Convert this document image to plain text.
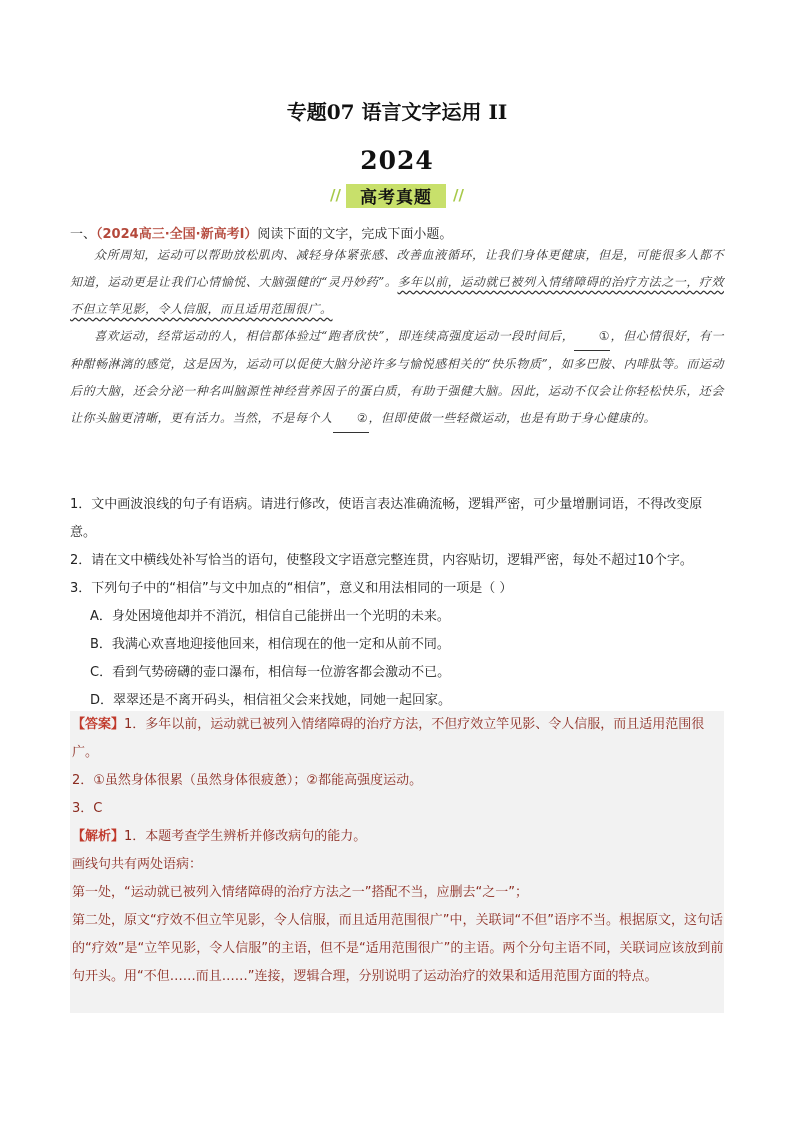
专题07 语言文字运用 II
2024
//	高考真题	//
一、（2024高三·全国·新高考I）阅读下面的文字，完成下面小题。

众所周知，运动可以帮助放松肌肉、减轻身体紧张感、改善血液循环，让我们身体更健康，但是，可能很多人都不知道，运动更是让我们心情愉悦、大脑强健的“灵丹妙药”。多年以前，运动就已被列入情绪障碍的治疗方法之一，疗效不但立竿见影，令人信服，而且适用范围很广。

喜欢运动，经常运动的人，相信都体验过“跑者欣快”，即连续高强度运动一段时间后， ①，但心情很好，有一种酣畅淋漓的感觉，这是因为，运动可以促使大脑分泌许多与愉悦感相关的“快乐物质”，如多巴胺、内啡肽等。而运动后的大脑，还会分泌一种名叫脑源性神经营养因子的蛋白质，有助于强健大脑。因此，运动不仅会让你轻松快乐，还会让你头脑更清晰，更有活力。当然，不是每个人 ②，但即使做一些轻微运动，也是有助于身心健康的。

1．文中画波浪线的句子有语病。请进行修改，使语言表达准确流畅，逻辑严密，可少量增删词语，不得改变原意。

2．请在文中横线处补写恰当的语句，使整段文字语意完整连贯，内容贴切，逻辑严密，每处不超过10个字。

3．下列句子中的“相信”与文中加点的“相信”，意义和用法相同的一项是（ ）

A．身处困境他却并不消沉，相信自己能拼出一个光明的未来。

B．我满心欢喜地迎接他回来，相信现在的他一定和从前不同。

C．看到气势磅礴的壶口瀑布，相信每一位游客都会激动不已。

D．翠翠还是不离开码头，相信祖父会来找她，同她一起回家。

【答案】1．多年以前，运动就已被列入情绪障碍的治疗方法，不但疗效立竿见影、令人信服，而且适用范围很广。

2．①虽然身体很累（虽然身体很疲惫）；②都能高强度运动。

3．C

【解析】1．本题考查学生辨析并修改病句的能力。

画线句共有两处语病：

第一处，“运动就已被列入情绪障碍的治疗方法之一”搭配不当，应删去“之一”；

第二处，原文“疗效不但立竿见影，令人信服，而且适用范围很广”中，关联词“不但”语序不当。根据原文，这句话的“疗效”是“立竿见影，令人信服”的主语，但不是“适用范围很广”的主语。两个分句主语不同，关联词应该放到前句开头。用“不但……而且……”连接，逻辑合理，分别说明了运动治疗的效果和适用范围方面的特点。
